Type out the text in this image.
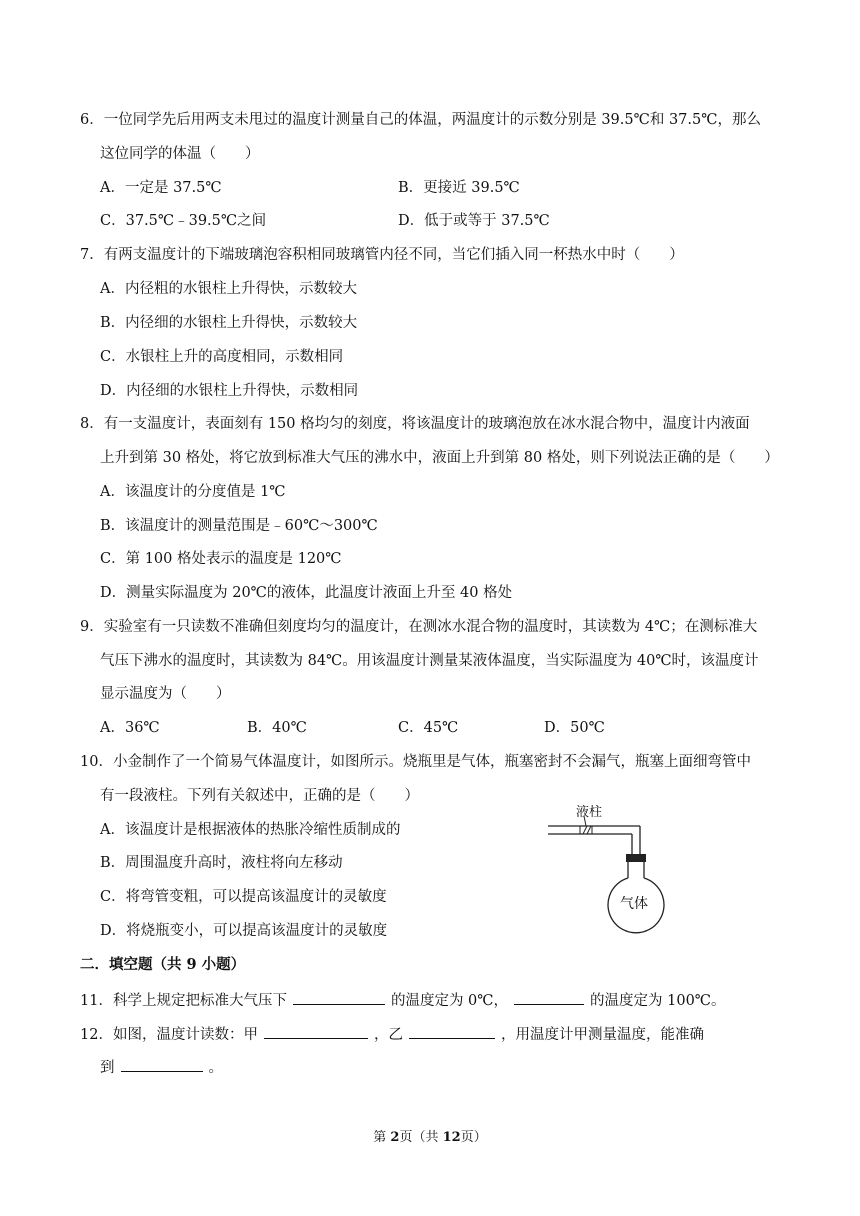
6．一位同学先后用两支未甩过的温度计测量自己的体温，两温度计的示数分别是 39.5℃和 37.5℃，那么
这位同学的体温（　　）
A．一定是 37.5℃	B．更接近 39.5℃
C．37.5℃﹣39.5℃之间	D．低于或等于 37.5℃
7．有两支温度计的下端玻璃泡容积相同玻璃管内径不同，当它们插入同一杯热水中时（　　）
A．内径粗的水银柱上升得快，示数较大
B．内径细的水银柱上升得快，示数较大
C．水银柱上升的高度相同，示数相同
D．内径细的水银柱上升得快，示数相同
8．有一支温度计，表面刻有 150 格均匀的刻度，将该温度计的玻璃泡放在冰水混合物中，温度计内液面
上升到第 30 格处，将它放到标准大气压的沸水中，液面上升到第 80 格处，则下列说法正确的是（　　）
A．该温度计的分度值是 1℃
B．该温度计的测量范围是﹣60℃～300℃
C．第 100 格处表示的温度是 120℃
D．测量实际温度为 20℃的液体，此温度计液面上升至 40 格处
9．实验室有一只读数不准确但刻度均匀的温度计，在测冰水混合物的温度时，其读数为 4℃；在测标准大
气压下沸水的温度时，其读数为 84℃。用该温度计测量某液体温度，当实际温度为 40℃时，该温度计
显示温度为（　　）
A．36℃	B．40℃	C．45℃	D．50℃
10．小金制作了一个简易气体温度计，如图所示。烧瓶里是气体，瓶塞密封不会漏气，瓶塞上面细弯管中
有一段液柱。下列有关叙述中，正确的是（　　）
A．该温度计是根据液体的热胀冷缩性质制成的
B．周围温度升高时，液柱将向左移动
C．将弯管变粗，可以提高该温度计的灵敏度
D．将烧瓶变小，可以提高该温度计的灵敏度
液柱
气体
二．填空题（共 9 小题）
11．科学上规定把标准大气压下	的温度定为 0℃，	的温度定为 100℃。
12．如图，温度计读数：甲	，乙	，用温度计甲测量温度，能准确
到	。
第 2页（共 12页）
